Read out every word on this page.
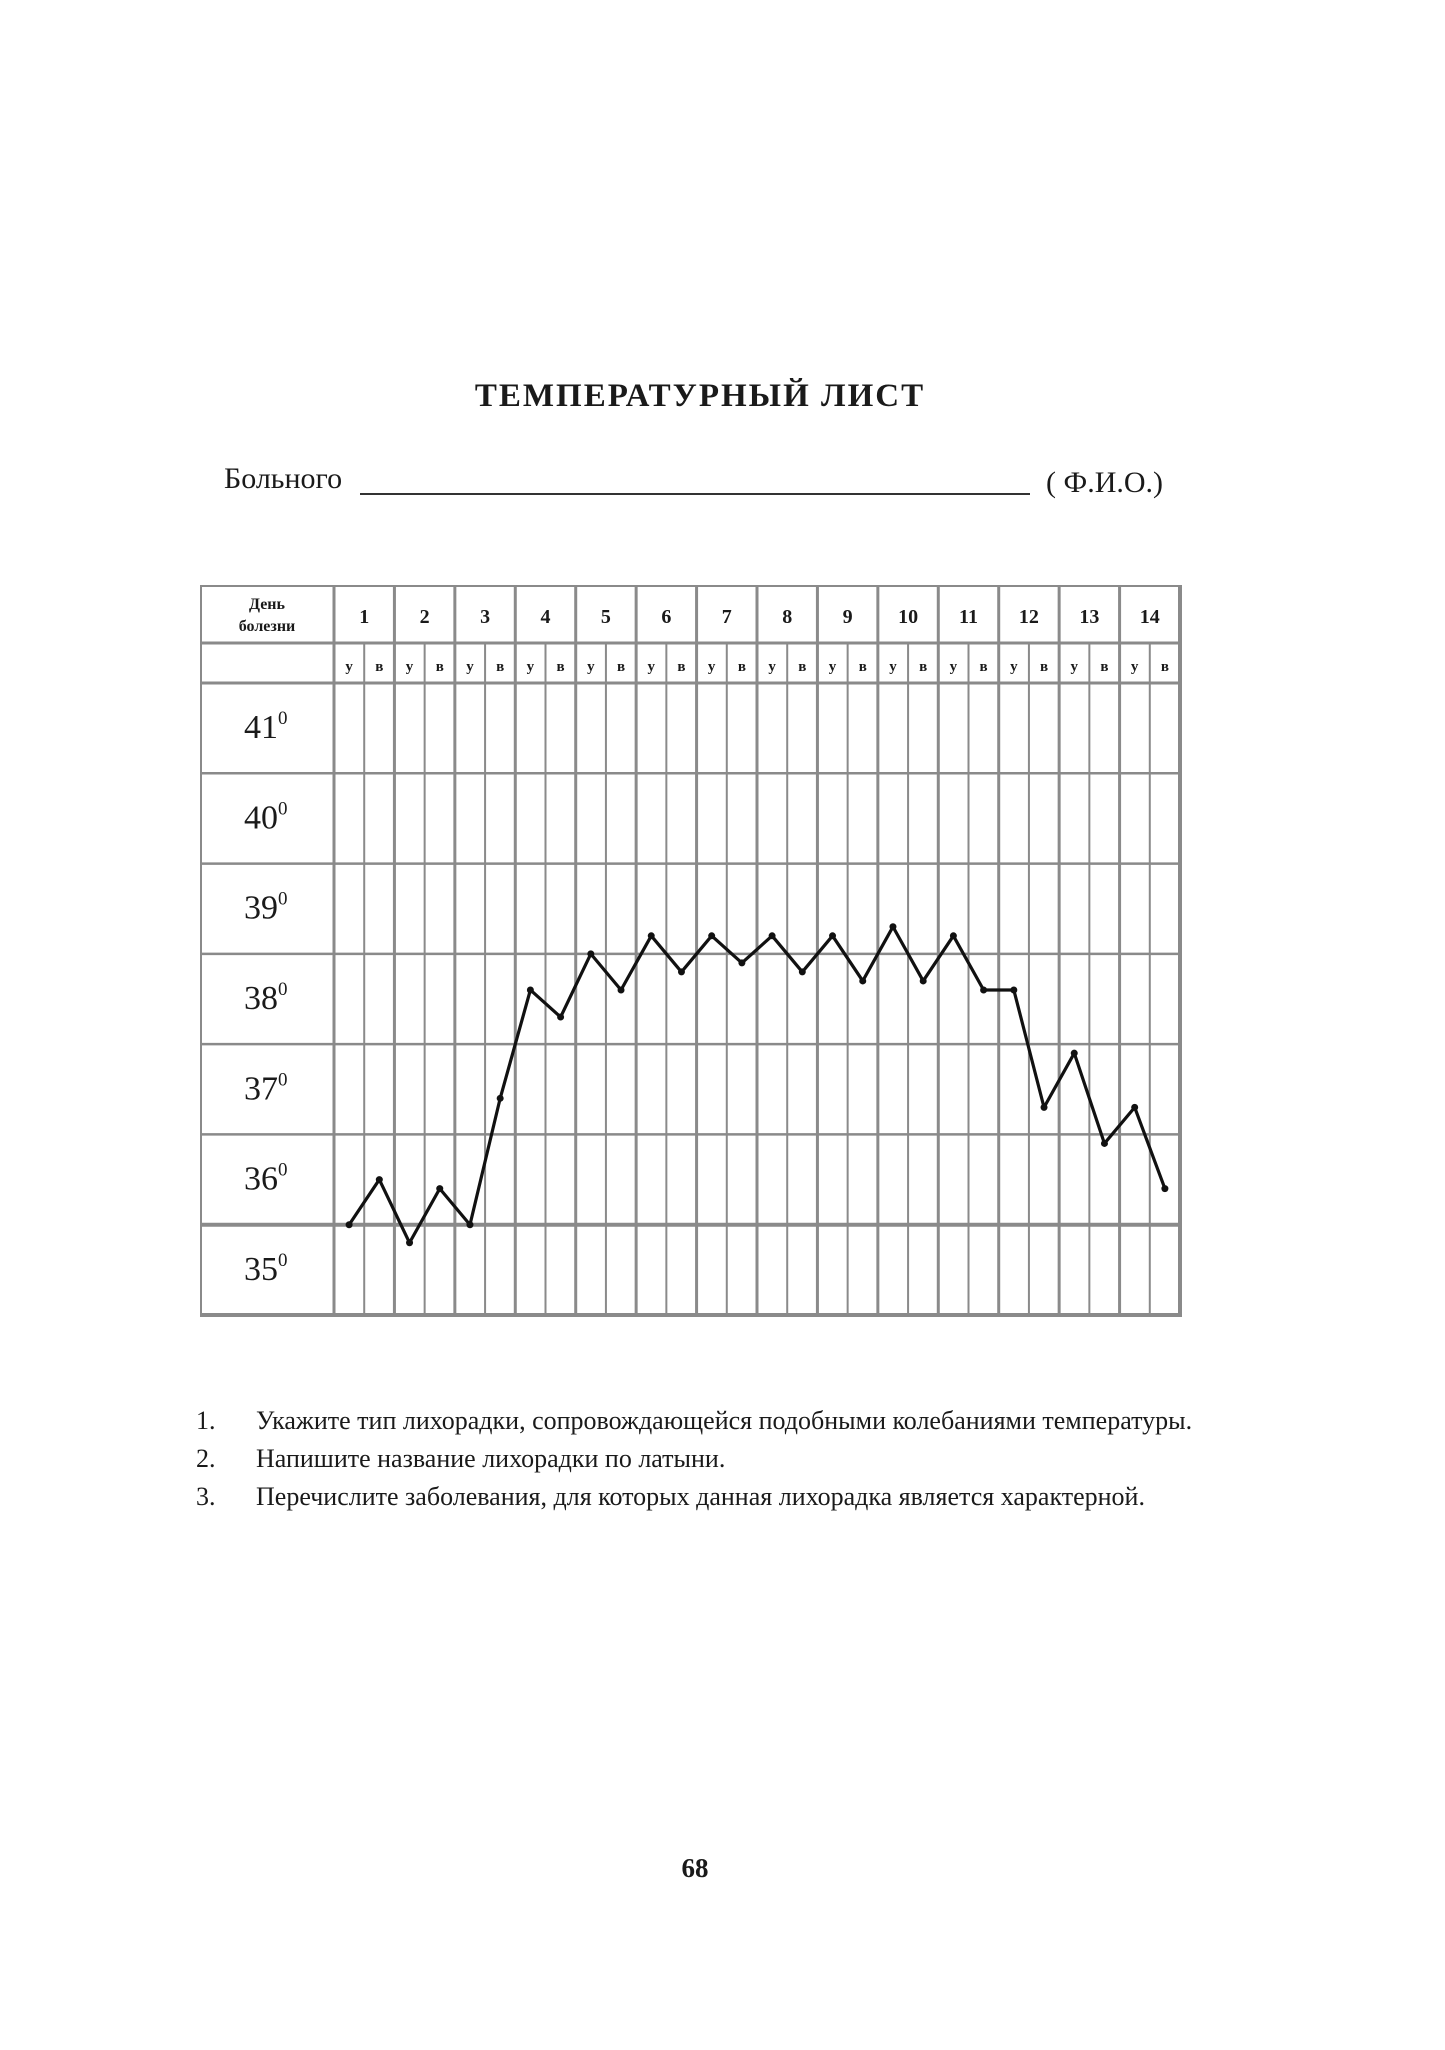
ТЕМПЕРАТУРНЫЙ ЛИСТ
Больного	( Ф.И.О.)
День
болезни	1	2	3	4	5	6	7	8	9 10 11 12 13 14
у в у в у в у в у в у в у в у в у в у в у в у в у в у в
$41^0$
$40^0$
$39^0$
$38^0$
$37^0$
$36^0$
$35^0$
1. Укажите тип лихорадки, сопровождающейся подобными колебаниями температуры.
2. Напишите название лихорадки по латыни.
3. Перечислите заболевания, для которых данная лихорадка является характерной.
68
